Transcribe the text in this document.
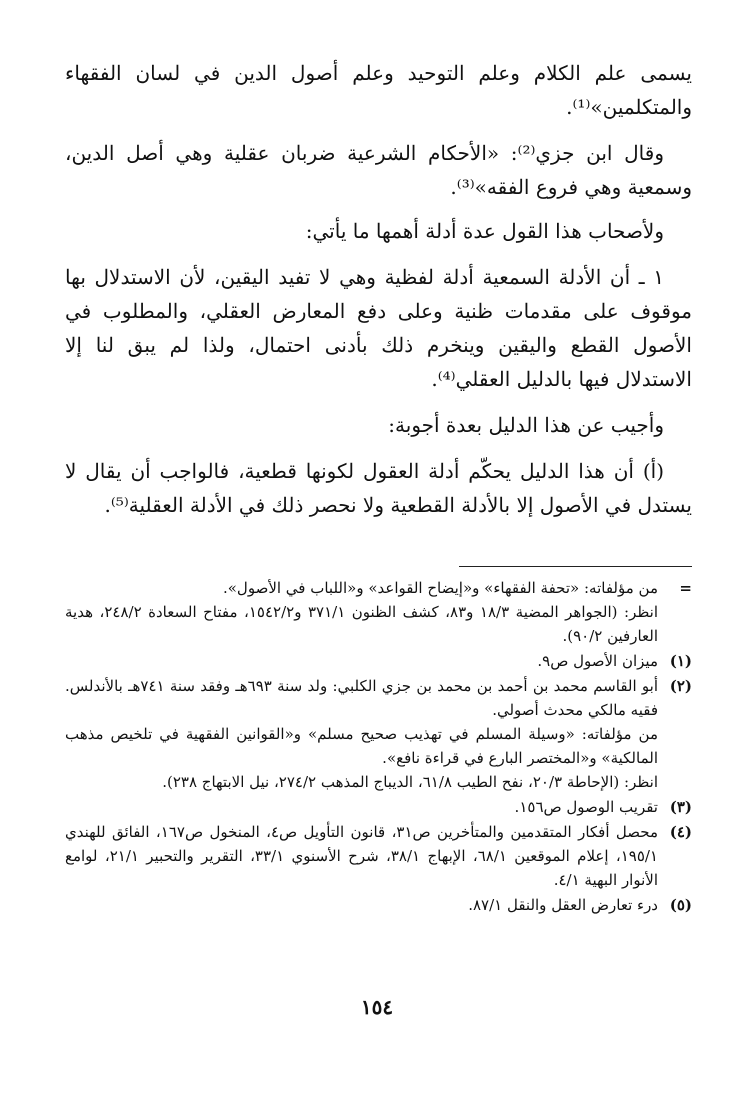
يسمى علم الكلام وعلم التوحيد وعلم أصول الدين في لسان الفقهاء والمتكلمين»⁽¹⁾.

وقال ابن جزي⁽²⁾: «الأحكام الشرعية ضربان عقلية وهي أصل الدين، وسمعية وهي فروع الفقه»⁽³⁾.

ولأصحاب هذا القول عدة أدلة أهمها ما يأتي:

١ ـ أن الأدلة السمعية أدلة لفظية وهي لا تفيد اليقين، لأن الاستدلال بها موقوف على مقدمات ظنية وعلى دفع المعارض العقلي، والمطلوب في الأصول القطع واليقين وينخرم ذلك بأدنى احتمال، ولذا لم يبق لنا إلا الاستدلال فيها بالدليل العقلي⁽⁴⁾.

وأجيب عن هذا الدليل بعدة أجوبة:

(أ) أن هذا الدليل يحكّم أدلة العقول لكونها قطعية، فالواجب أن يقال لا يستدل في الأصول إلا بالأدلة القطعية ولا نحصر ذلك في الأدلة العقلية⁽⁵⁾.

=

من مؤلفاته: «تحفة الفقهاء» و«إيضاح القواعد» و«اللباب في الأصول».

انظر: (الجواهر المضية ١٨/٣ و٨٣، كشف الظنون ٣٧١/١ و١٥٤٢/٢، مفتاح السعادة ٢٤٨/٢، هدية العارفين ٩٠/٢).

(١)

ميزان الأصول ص٩.

(٢)

أبو القاسم محمد بن أحمد بن محمد بن جزي الكلبي: ولد سنة ٦٩٣هـ وفقد سنة ٧٤١هـ بالأندلس. فقيه مالكي محدث أصولي.

من مؤلفاته: «وسيلة المسلم في تهذيب صحيح مسلم» و«القوانين الفقهية في تلخيص مذهب المالكية» و«المختصر البارع في قراءة نافع».

انظر: (الإحاطة ٢٠/٣، نفح الطيب ٦١/٨، الديباج المذهب ٢٧٤/٢، نيل الابتهاج ٢٣٨).

(٣)

تقريب الوصول ص١٥٦.

(٤)

محصل أفكار المتقدمين والمتأخرين ص٣١، قانون التأويل ص٤، المنخول ص١٦٧، الفائق للهندي ١٩٥/١، إعلام الموقعين ٦٨/١، الإبهاج ٣٨/١، شرح الأسنوي ٣٣/١، التقرير والتحبير ٢١/١، لوامع الأنوار البهية ٤/١.

(٥)

درء تعارض العقل والنقل ٨٧/١.

١٥٤
